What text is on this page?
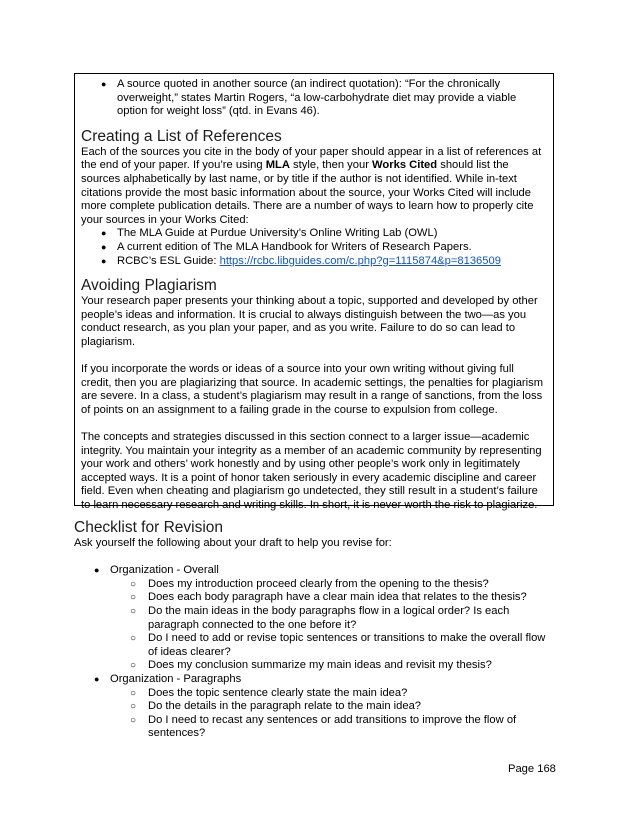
● A source quoted in another source (an indirect quotation): “For the chronically overweight,” states Martin Rogers, “a low-carbohydrate diet may provide a viable option for weight loss” (qtd. in Evans 46).
Creating a List of References

Each of the sources you cite in the body of your paper should appear in a list of references at the end of your paper. If you’re using MLA style, then your Works Cited should list the sources alphabetically by last name, or by title if the author is not identified. While in-text citations provide the most basic information about the source, your Works Cited will include more complete publication details. There are a number of ways to learn how to properly cite your sources in your Works Cited:

● The MLA Guide at Purdue University’s Online Writing Lab (OWL)
● A current edition of The MLA Handbook for Writers of Research Papers.
● RCBC’s ESL Guide: https://rcbc.libguides.com/c.php?g=1115874&p=8136509
Avoiding Plagiarism

Your research paper presents your thinking about a topic, supported and developed by other people’s ideas and information. It is crucial to always distinguish between the two—as you conduct research, as you plan your paper, and as you write. Failure to do so can lead to plagiarism.

If you incorporate the words or ideas of a source into your own writing without giving full credit, then you are plagiarizing that source. In academic settings, the penalties for plagiarism are severe. In a class, a student’s plagiarism may result in a range of sanctions, from the loss of points on an assignment to a failing grade in the course to expulsion from college.

The concepts and strategies discussed in this section connect to a larger issue—academic integrity. You maintain your integrity as a member of an academic community by representing your work and others’ work honestly and by using other people’s work only in legitimately accepted ways. It is a point of honor taken seriously in every academic discipline and career field. Even when cheating and plagiarism go undetected, they still result in a student’s failure to learn necessary research and writing skills. In short, it is never worth the risk to plagiarize.

Checklist for Revision

Ask yourself the following about your draft to help you revise for:

● Organization - Overall
○ Does my introduction proceed clearly from the opening to the thesis?
○ Does each body paragraph have a clear main idea that relates to the thesis?
○ Do the main ideas in the body paragraphs flow in a logical order? Is each paragraph connected to the one before it?
○ Do I need to add or revise topic sentences or transitions to make the overall flow of ideas clearer?
○ Does my conclusion summarize my main ideas and revisit my thesis?
● Organization - Paragraphs
○ Does the topic sentence clearly state the main idea?
○ Do the details in the paragraph relate to the main idea?
○ Do I need to recast any sentences or add transitions to improve the flow of sentences?
Page 168
